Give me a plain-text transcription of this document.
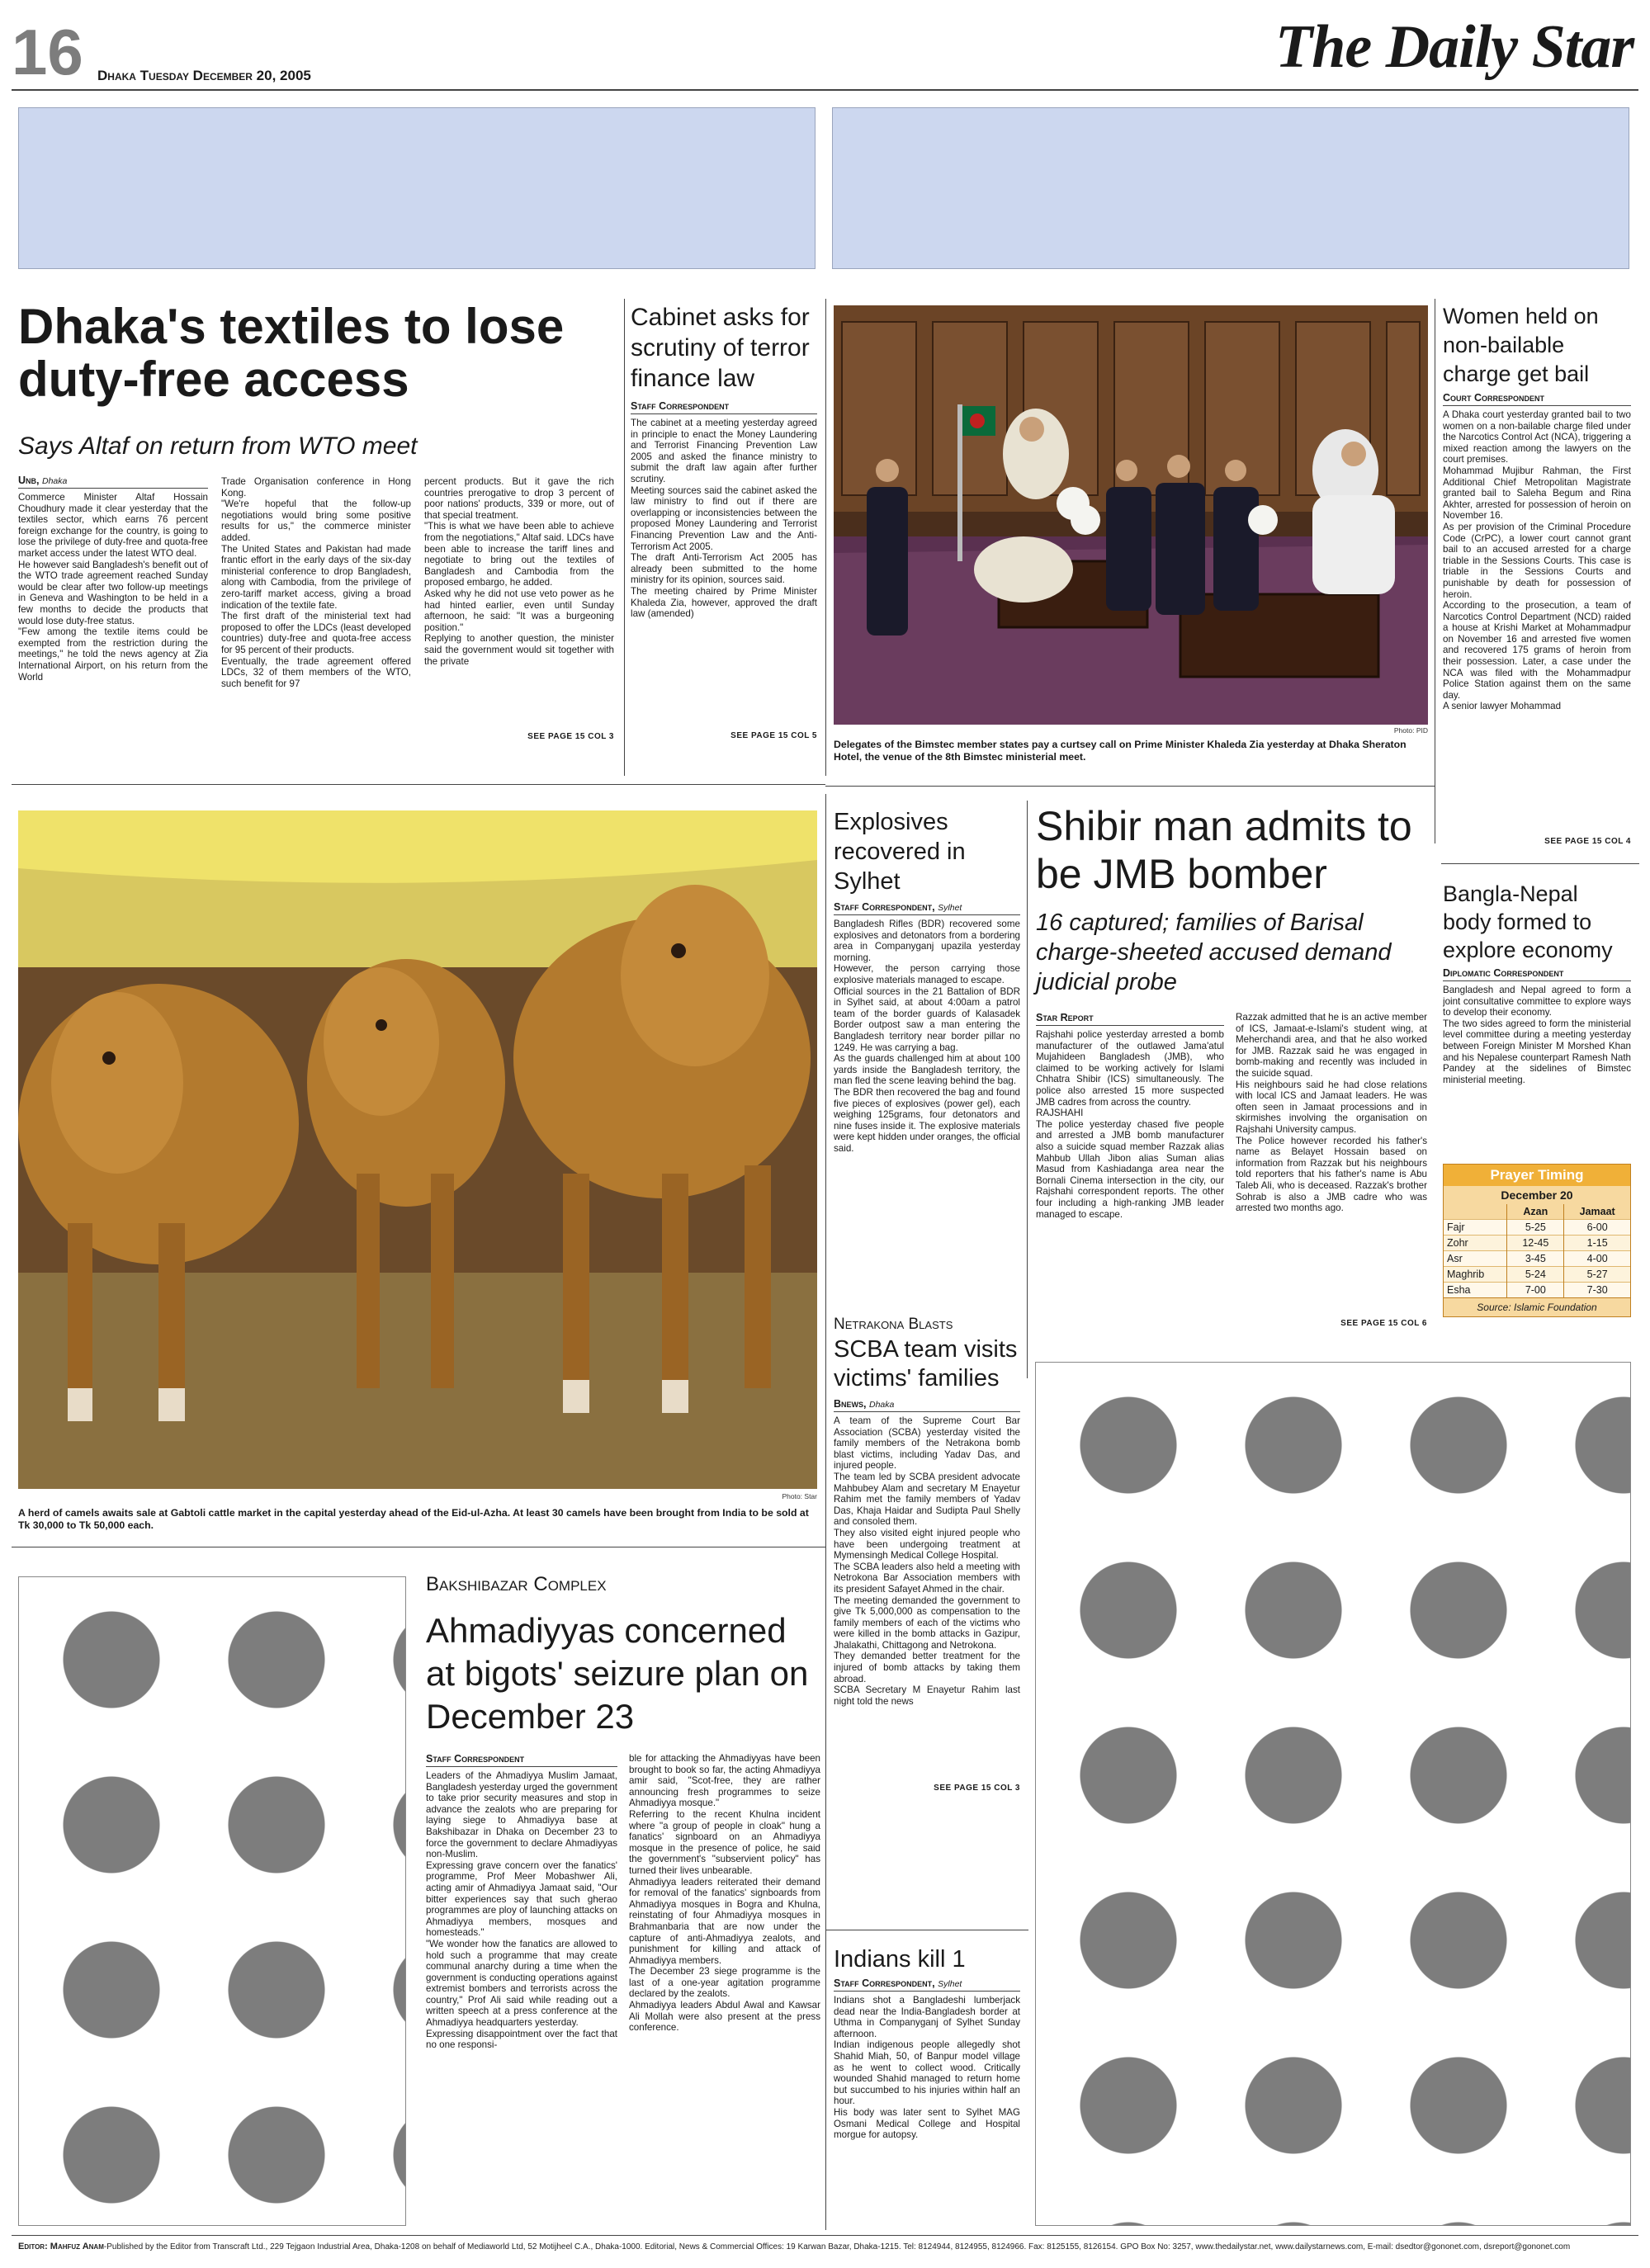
16 Dhaka Tuesday December 20, 2005	The Daily Star
Dhaka's textiles to lose duty-free access
Says Altaf on return from WTO meet
Unb, Dhaka
Commerce Minister Altaf Hossain Choudhury made it clear yesterday that the textiles sector, which earns 76 percent foreign exchange for the country, is going to lose the privilege of duty-free and quota-free market access under the latest WTO deal.
He however said Bangladesh's benefit out of the WTO trade agreement reached Sunday would be clear after two follow-up meetings in Geneva and Washington to be held in a few months to decide the products that would lose duty-free status.
"Few among the textile items could be exempted from the restriction during the meetings," he told the news agency at Zia International Airport, on his return from the World
Trade Organisation conference in Hong Kong.
"We're hopeful that the follow-up negotiations would bring some positive results for us," the commerce minister added.
The United States and Pakistan had made frantic effort in the early days of the six-day ministerial conference to drop Bangladesh, along with Cambodia, from the privilege of zero-tariff market access, giving a broad indication of the textile fate.
The first draft of the ministerial text had proposed to offer the LDCs (least developed countries) duty-free and quota-free access for 95 percent of their products.
Eventually, the trade agreement offered LDCs, 32 of them members of the WTO, such benefit for 97
percent products. But it gave the rich countries prerogative to drop 3 percent of poor nations' products, 339 or more, out of that special treatment.
"This is what we have been able to achieve from the negotiations," Altaf said. LDCs have been able to increase the tariff lines and negotiate to bring out the textiles of Bangladesh and Cambodia from the proposed embargo, he added.
Asked why he did not use veto power as he had hinted earlier, even until Sunday afternoon, he said: "It was a burgeoning position."
Replying to another question, the minister said the government would sit together with the private
SEE PAGE 15 COL 3
Cabinet asks for scrutiny of terror finance law
Staff Correspondent
The cabinet at a meeting yesterday agreed in principle to enact the Money Laundering and Terrorist Financing Prevention Law 2005 and asked the finance ministry to submit the draft law again after further scrutiny.
Meeting sources said the cabinet asked the law ministry to find out if there are overlapping or inconsistencies between the proposed Money Laundering and Terrorist Financing Prevention Law and the Anti-Terrorism Act 2005.
The draft Anti-Terrorism Act 2005 has already been submitted to the home ministry for its opinion, sources said.
The meeting chaired by Prime Minister Khaleda Zia, however, approved the draft law (amended)
SEE PAGE 15 COL 5
Photo: PID
Delegates of the Bimstec member states pay a curtsey call on Prime Minister Khaleda Zia yesterday at Dhaka Sheraton Hotel, the venue of the 8th Bimstec ministerial meet.
Women held on non-bailable charge get bail
Court Correspondent
A Dhaka court yesterday granted bail to two women on a non-bailable charge filed under the Narcotics Control Act (NCA), triggering a mixed reaction among the lawyers on the court premises.
Mohammad Mujibur Rahman, the First Additional Chief Metropolitan Magistrate granted bail to Saleha Begum and Rina Akhter, arrested for possession of heroin on November 16.
As per provision of the Criminal Procedure Code (CrPC), a lower court cannot grant bail to an accused arrested for a charge triable in the Sessions Courts. This case is triable in the Sessions Courts and punishable by death for possession of heroin.
According to the prosecution, a team of Narcotics Control Department (NCD) raided a house at Krishi Market at Mohammadpur on November 16 and arrested five women and recovered 175 grams of heroin from their possession. Later, a case under the NCA was filed with the Mohammadpur Police Station against them on the same day.
A senior lawyer Mohammad
SEE PAGE 15 COL 4
Photo: Star
A herd of camels awaits sale at Gabtoli cattle market in the capital yesterday ahead of the Eid-ul-Azha. At least 30 camels have been brought from India to be sold at Tk 30,000 to Tk 50,000 each.
Explosives recovered in Sylhet
Staff Correspondent, Sylhet
Bangladesh Rifles (BDR) recovered some explosives and detonators from a bordering area in Companyganj upazila yesterday morning.
However, the person carrying those explosive materials managed to escape.
Official sources in the 21 Battalion of BDR in Sylhet said, at about 4:00am a patrol team of the border guards of Kalasadek Border outpost saw a man entering the Bangladesh territory near border pillar no 1249. He was carrying a bag.
As the guards challenged him at about 100 yards inside the Bangladesh territory, the man fled the scene leaving behind the bag.
The BDR then recovered the bag and found five pieces of explosives (power gel), each weighing 125grams, four detonators and nine fuses inside it. The explosive materials were kept hidden under oranges, the official said.
Shibir man admits to be JMB bomber
16 captured; families of Barisal charge-sheeted accused demand judicial probe
Star Report
Rajshahi police yesterday arrested a bomb manufacturer of the outlawed Jama'atul Mujahideen Bangladesh (JMB), who claimed to be working actively for Islami Chhatra Shibir (ICS) simultaneously. The police also arrested 15 more suspected JMB cadres from across the country.
RAJSHAHI
The police yesterday chased five people and arrested a JMB bomb manufacturer also a suicide squad member Razzak alias Mahbub Ullah Jibon alias Suman alias Masud from Kashiadanga area near the Bornali Cinema intersection in the city, our Rajshahi correspondent reports. The other four including a high-ranking JMB leader managed to escape.
Razzak admitted that he is an active member of ICS, Jamaat-e-Islami's student wing, at Meherchandi area, and that he also worked for JMB. Razzak said he was engaged in bomb-making and recently was included in the suicide squad.
His neighbours said he had close relations with local ICS and Jamaat leaders. He was often seen in Jamaat processions and in skirmishes involving the organisation on Rajshahi University campus.
The Police however recorded his father's name as Belayet Hossain based on information from Razzak but his neighbours told reporters that his father's name is Abu Taleb Ali, who is deceased. Razzak's brother Sohrab is also a JMB cadre who was arrested two months ago.
SEE PAGE 15 COL 6
Bangla-Nepal body formed to explore economy
Diplomatic Correspondent
Bangladesh and Nepal agreed to form a joint consultative committee to explore ways to develop their economy.
The two sides agreed to form the ministerial level committee during a meeting yesterday between Foreign Minister M Morshed Khan and his Nepalese counterpart Ramesh Nath Pandey at the sidelines of Bimstec ministerial meeting.
Prayer Timing
December 20
	Azan	Jamaat
Fajr	5-25	6-00
Zohr	12-45	1-15
Asr	3-45	4-00
Maghrib	5-24	5-27
Esha	7-00	7-30
Source: Islamic Foundation
Netrakona Blasts
SCBA team visits victims' families
Bnews, Dhaka
A team of the Supreme Court Bar Association (SCBA) yesterday visited the family members of the Netrakona bomb blast victims, including Yadav Das, and injured people.
The team led by SCBA president advocate Mahbubey Alam and secretary M Enayetur Rahim met the family members of Yadav Das, Khaja Haidar and Sudipta Paul Shelly and consoled them.
They also visited eight injured people who have been undergoing treatment at Mymensingh Medical College Hospital.
The SCBA leaders also held a meeting with Netrokona Bar Association members with its president Safayet Ahmed in the chair.
The meeting demanded the government to give Tk 5,000,000 as compensation to the family members of each of the victims who were killed in the bomb attacks in Gazipur, Jhalakathi, Chittagong and Netrokona.
They demanded better treatment for the injured of bomb attacks by taking them abroad.
SCBA Secretary M Enayetur Rahim last night told the news
SEE PAGE 15 COL 3
Indians kill 1
Staff Correspondent, Sylhet
Indians shot a Bangladeshi lumberjack dead near the India-Bangladesh border at Uthma in Companyganj of Sylhet Sunday afternoon.
Indian indigenous people allegedly shot Shahid Miah, 50, of Banpur model village as he went to collect wood. Critically wounded Shahid managed to return home but succumbed to his injuries within half an hour.
His body was later sent to Sylhet MAG Osmani Medical College and Hospital morgue for autopsy.
Bakshibazar Complex
Ahmadiyyas concerned at bigots' seizure plan on December 23
Staff Correspondent
Leaders of the Ahmadiyya Muslim Jamaat, Bangladesh yesterday urged the government to take prior security measures and stop in advance the zealots who are preparing for laying siege to Ahmadiyya base at Bakshibazar in Dhaka on December 23 to force the government to declare Ahmadiyyas non-Muslim.
Expressing grave concern over the fanatics' programme, Prof Meer Mobashwer Ali, acting amir of Ahmadiyya Jamaat said, "Our bitter experiences say that such gherao programmes are ploy of launching attacks on Ahmadiyya members, mosques and homesteads."
"We wonder how the fanatics are allowed to hold such a programme that may create communal anarchy during a time when the government is conducting operations against extremist bombers and terrorists across the country," Prof Ali said while reading out a written speech at a press conference at the Ahmadiyya headquarters yesterday.
Expressing disappointment over the fact that no one responsi-
ble for attacking the Ahmadiyyas have been brought to book so far, the acting Ahmadiyya amir said, "Scot-free, they are rather announcing fresh programmes to seize Ahmadiyya mosque."
Referring to the recent Khulna incident where "a group of people in cloak" hung a fanatics' signboard on an Ahmadiyya mosque in the presence of police, he said the government's "subservient policy" has turned their lives unbearable.
Ahmadiyya leaders reiterated their demand for removal of the fanatics' signboards from Ahmadiyya mosques in Bogra and Khulna, reinstating of four Ahmadiyya mosques in Brahmanbaria that are now under the capture of anti-Ahmadiyya zealots, and punishment for killing and attack of Ahmadiyya members.
The December 23 siege programme is the last of a one-year agitation programme declared by the zealots.
Ahmadiyya leaders Abdul Awal and Kawsar Ali Mollah were also present at the press conference.
Editor: Mahfuz Anam-Published by the Editor from Transcraft Ltd., 229 Tejgaon Industrial Area, Dhaka-1208 on behalf of Mediaworld Ltd, 52 Motijheel C.A., Dhaka-1000. Editorial, News & Commercial Offices: 19 Karwan Bazar, Dhaka-1215. Tel: 8124944, 8124955, 8124966. Fax: 8125155, 8126154. GPO Box No: 3257, www.thedailystar.net, www.dailystarnews.com, E-mail: dsedtor@gononet.com, dsreport@gononet.com
